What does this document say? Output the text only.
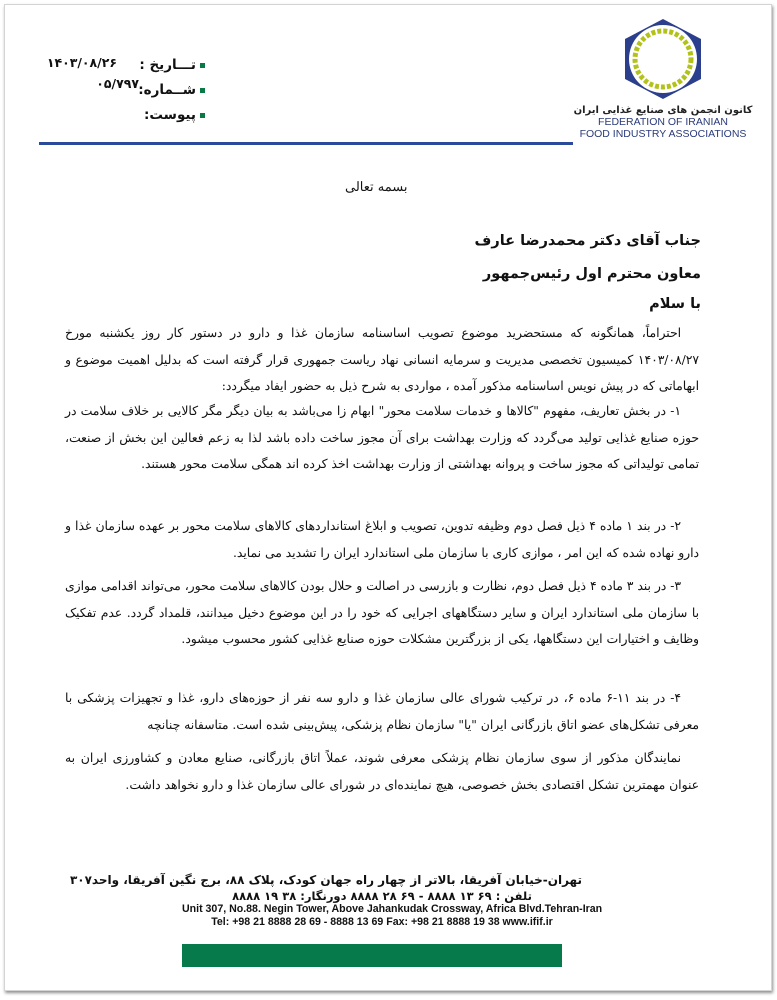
تـــاریخ :
۱۴۰۳/۰۸/۲۶
شــماره:
۰۵/۷۹۷
پیوست:	کانون انجمن های صنایع غذایی ایران
FEDERATION OF IRANIAN
FOOD INDUSTRY ASSOCIATIONS
بسمه تعالی
جناب آقای دکتر محمدرضا عارف
معاون محترم اول رئیس‌جمهور
با سلام
احتراماً، همانگونه که مستحضرید موضوع تصویب اساسنامه سازمان غذا و دارو در دستور کار روز یکشنبه مورخ ۱۴۰۳/۰۸/۲۷ کمیسیون تخصصی مدیریت و سرمایه انسانی نهاد ریاست جمهوری قرار گرفته است که بدلیل اهمیت موضوع و ابهاماتی که در پیش نویس اساسنامه مذکور آمده ، مواردی به شرح ذیل به حضور ایفاد میگردد:
۱- در بخش تعاریف، مفهوم "کالاها و خدمات سلامت محور" ابهام زا می‌باشد به بیان دیگر مگر کالایی بر خلاف سلامت در حوزه صنایع غذایی تولید می‌گردد که وزارت بهداشت برای آن مجوز ساخت داده باشد لذا به زعم فعالین این بخش از صنعت، تمامی تولیداتی که مجوز ساخت و پروانه بهداشتی از وزارت بهداشت اخذ کرده اند همگی سلامت محور هستند.
۲- در بند ۱ ماده ۴ ذیل فصل دوم وظیفه تدوین، تصویب و ابلاغ استانداردهای کالاهای سلامت محور بر عهده سازمان غذا و دارو نهاده شده که این امر ، موازی کاری با سازمان ملی استاندارد ایران را تشدید می نماید.
۳- در بند ۳ ماده ۴ ذیل فصل دوم، نظارت و بازرسی در اصالت و حلال بودن کالاهای سلامت محور، می‌تواند اقدامی موازی با سازمان ملی استاندارد ایران و سایر دستگاههای اجرایی که خود را در این موضوع دخیل میدانند، قلمداد گردد. عدم تفکیک وظایف و اختیارات این دستگاهها، یکی از بزرگترین مشکلات حوزه صنایع غذایی کشور محسوب میشود.
۴- در بند ۱۱-۶ ماده ۶، در ترکیب شورای عالی سازمان غذا و دارو سه نفر از حوزه‌های دارو، غذا و تجهیزات پزشکی با معرفی تشکل‌های عضو اتاق بازرگانی ایران "یا" سازمان نظام پزشکی، پیش‌بینی شده است. متاسفانه چنانچه
نمایندگان مذکور از سوی سازمان نظام پزشکی معرفی شوند، عملاً اتاق بازرگانی، صنایع معادن و کشاورزی ایران به عنوان مهمترین تشکل اقتصادی بخش خصوصی، هیچ نماینده‌ای در شورای عالی سازمان غذا و دارو نخواهد داشت.
تهران-خیابان آفریقا، بالاتر از چهار راه جهان کودک، پلاک ۸۸، برج نگین آفریقا، واحد۳۰۷
تلفن : ۶۹ ۱۳ ۸۸۸۸ - ۶۹ ۲۸ ۸۸۸۸ دورنگار: ۳۸ ۱۹ ۸۸۸۸
Unit 307, No.88. Negin Tower, Above Jahankudak Crossway, Africa Blvd.Tehran-Iran
Tel: +98 21 8888 28 69 - 8888 13 69 Fax: +98 21 8888 19 38 www.ifif.ir
